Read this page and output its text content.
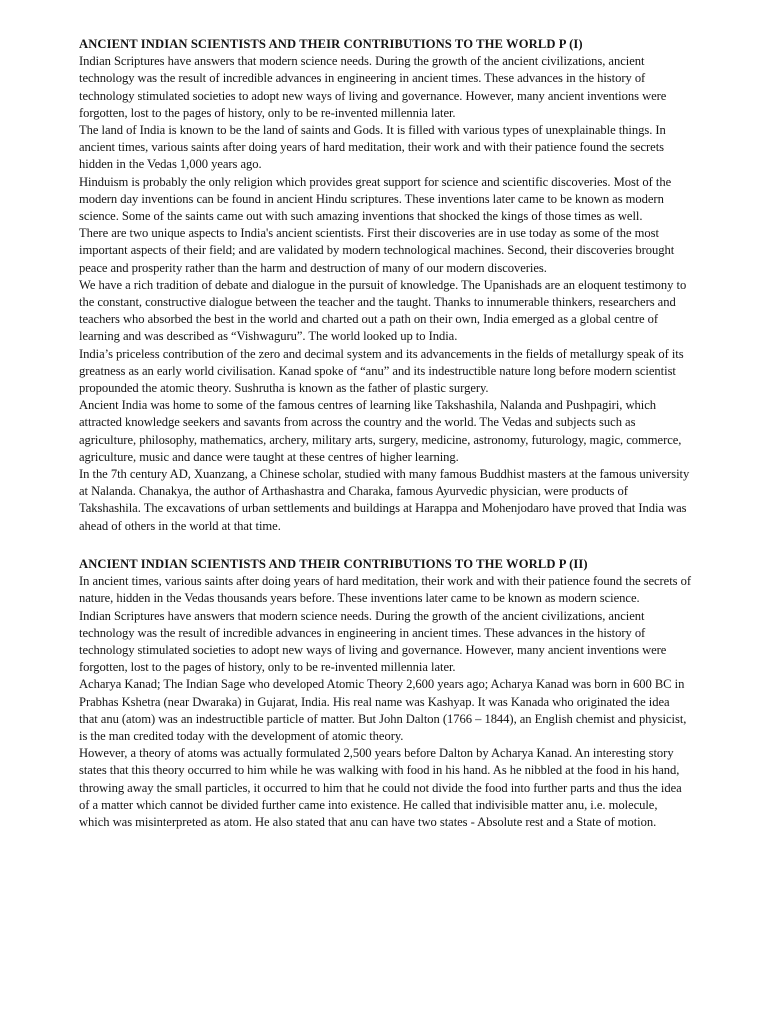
ANCIENT INDIAN SCIENTISTS AND THEIR CONTRIBUTIONS TO THE WORLD P (I)

Indian Scriptures have answers that modern science needs. During the growth of the ancient civilizations, ancient technology was the result of incredible advances in engineering in ancient times. These advances in the history of technology stimulated societies to adopt new ways of living and governance. However, many ancient inventions were forgotten, lost to the pages of history, only to be re-invented millennia later.

The land of India is known to be the land of saints and Gods. It is filled with various types of unexplainable things. In ancient times, various saints after doing years of hard meditation, their work and with their patience found the secrets hidden in the Vedas 1,000 years ago.

Hinduism is probably the only religion which provides great support for science and scientific discoveries. Most of the modern day inventions can be found in ancient Hindu scriptures. These inventions later came to be known as modern science. Some of the saints came out with such amazing inventions that shocked the kings of those times as well.

There are two unique aspects to India's ancient scientists. First their discoveries are in use today as some of the most important aspects of their field; and are validated by modern technological machines. Second, their discoveries brought peace and prosperity rather than the harm and destruction of many of our modern discoveries.

We have a rich tradition of debate and dialogue in the pursuit of knowledge. The Upanishads are an eloquent testimony to the constant, constructive dialogue between the teacher and the taught. Thanks to innumerable thinkers, researchers and teachers who absorbed the best in the world and charted out a path on their own, India emerged as a global centre of learning and was described as “Vishwaguru”. The world looked up to India.

India’s priceless contribution of the zero and decimal system and its advancements in the fields of metallurgy speak of its greatness as an early world civilisation. Kanad spoke of “anu” and its indestructible nature long before modern scientist propounded the atomic theory. Sushrutha is known as the father of plastic surgery.

Ancient India was home to some of the famous centres of learning like Takshashila, Nalanda and Pushpagiri, which attracted knowledge seekers and savants from across the country and the world. The Vedas and subjects such as agriculture, philosophy, mathematics, archery, military arts, surgery, medicine, astronomy, futurology, magic, commerce, agriculture, music and dance were taught at these centres of higher learning.

In the 7th century AD, Xuanzang, a Chinese scholar, studied with many famous Buddhist masters at the famous university at Nalanda. Chanakya, the author of Arthashastra and Charaka, famous Ayurvedic physician, were products of Takshashila. The excavations of urban settlements and buildings at Harappa and Mohenjodaro have proved that India was ahead of others in the world at that time.

ANCIENT INDIAN SCIENTISTS AND THEIR CONTRIBUTIONS TO THE WORLD P (II)

In ancient times, various saints after doing years of hard meditation, their work and with their patience found the secrets of nature, hidden in the Vedas thousands years before. These inventions later came to be known as modern science.

Indian Scriptures have answers that modern science needs. During the growth of the ancient civilizations, ancient technology was the result of incredible advances in engineering in ancient times. These advances in the history of technology stimulated societies to adopt new ways of living and governance. However, many ancient inventions were forgotten, lost to the pages of history, only to be re-invented millennia later.

Acharya Kanad; The Indian Sage who developed Atomic Theory 2,600 years ago; Acharya Kanad was born in 600 BC in Prabhas Kshetra (near Dwaraka) in Gujarat, India. His real name was Kashyap. It was Kanada who originated the idea that anu (atom) was an indestructible particle of matter. But John Dalton (1766 – 1844), an English chemist and physicist, is the man credited today with the development of atomic theory.

However, a theory of atoms was actually formulated 2,500 years before Dalton by Acharya Kanad. An interesting story states that this theory occurred to him while he was walking with food in his hand. As he nibbled at the food in his hand, throwing away the small particles, it occurred to him that he could not divide the food into further parts and thus the idea of a matter which cannot be divided further came into existence. He called that indivisible matter anu, i.e. molecule, which was misinterpreted as atom. He also stated that anu can have two states - Absolute rest and a State of motion.
